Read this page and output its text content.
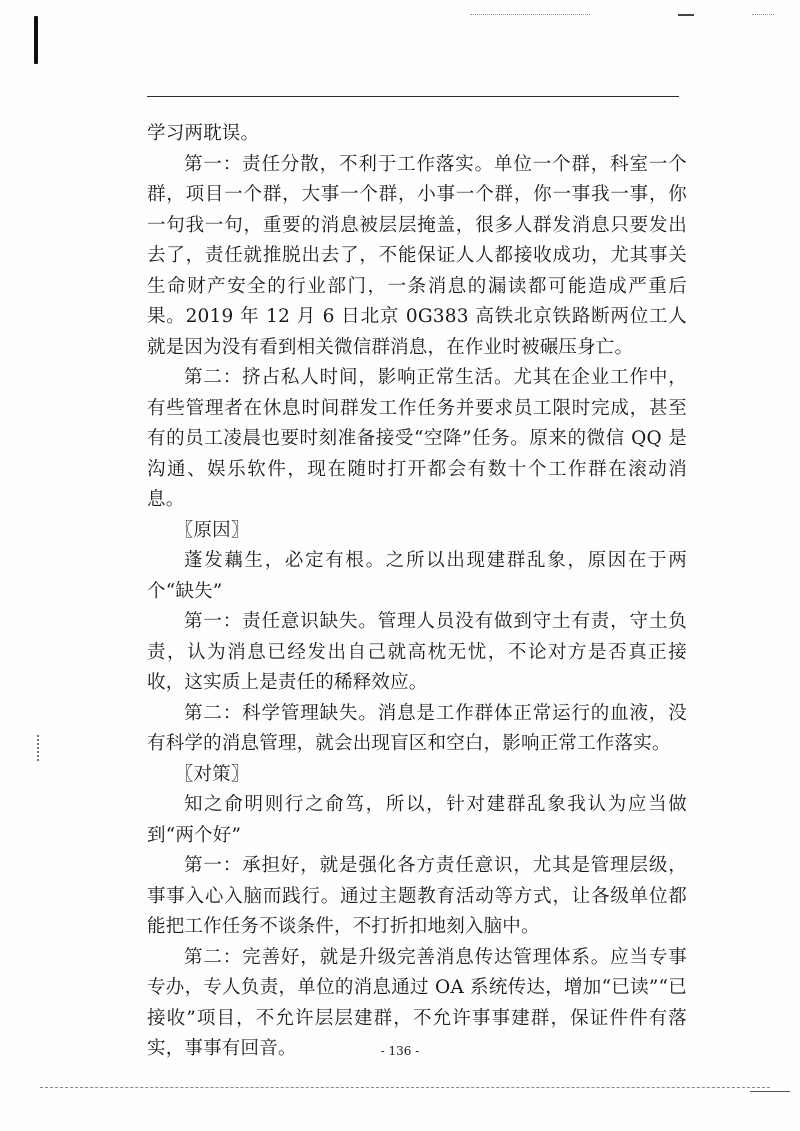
学习两耽误。

第一：责任分散，不利于工作落实。单位一个群，科室一个群，项目一个群，大事一个群，小事一个群，你一事我一事，你一句我一句，重要的消息被层层掩盖，很多人群发消息只要发出去了，责任就推脱出去了，不能保证人人都接收成功，尤其事关生命财产安全的行业部门，一条消息的漏读都可能造成严重后果。2019 年 12 月 6 日北京 0G383 高铁北京铁路断两位工人就是因为没有看到相关微信群消息，在作业时被碾压身亡。

第二：挤占私人时间，影响正常生活。尤其在企业工作中，有些管理者在休息时间群发工作任务并要求员工限时完成，甚至有的员工凌晨也要时刻准备接受“空降”任务。原来的微信 QQ 是沟通、娱乐软件，现在随时打开都会有数十个工作群在滚动消息。

〖原因〗

蓬发藕生，必定有根。之所以出现建群乱象，原因在于两个“缺失”

第一：责任意识缺失。管理人员没有做到守土有责，守土负责，认为消息已经发出自己就高枕无忧，不论对方是否真正接收，这实质上是责任的稀释效应。

第二：科学管理缺失。消息是工作群体正常运行的血液，没有科学的消息管理，就会出现盲区和空白，影响正常工作落实。

〖对策〗

知之俞明则行之俞笃，所以，针对建群乱象我认为应当做到“两个好”

第一：承担好，就是强化各方责任意识，尤其是管理层级，事事入心入脑而践行。通过主题教育活动等方式，让各级单位都能把工作任务不谈条件，不打折扣地刻入脑中。

第二：完善好，就是升级完善消息传达管理体系。应当专事专办，专人负责，单位的消息通过 OA 系统传达，增加“已读”“已接收”项目，不允许层层建群，不允许事事建群，保证件件有落实，事事有回音。	- 136 -
